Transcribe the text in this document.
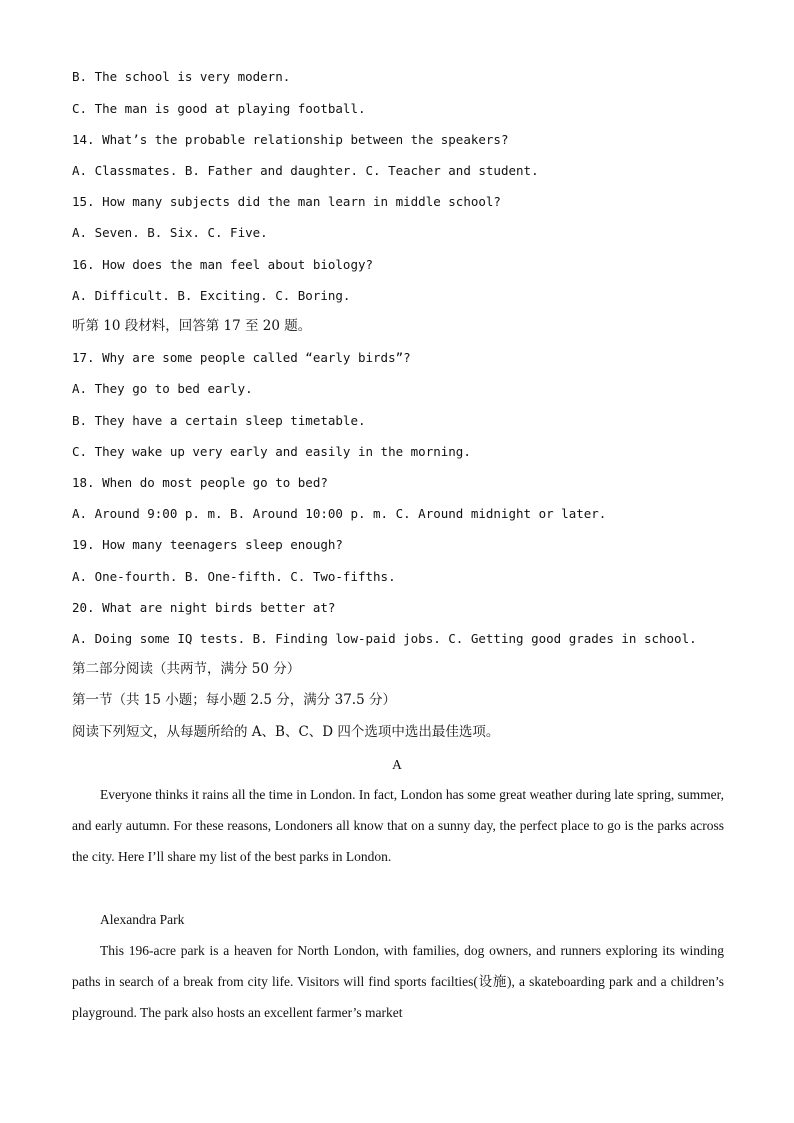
B. The school is very modern.
C. The man is good at playing football.
14. What’s the probable relationship between the speakers?
A. Classmates. B. Father and daughter. C. Teacher and student.
15. How many subjects did the man learn in middle school?
A. Seven. B. Six. C. Five.
16. How does the man feel about biology?
A. Difficult. B. Exciting. C. Boring.
听第 10 段材料，回答第 17 至 20 题。
17. Why are some people called “early birds”?
A. They go to bed early.
B. They have a certain sleep timetable.
C. They wake up very early and easily in the morning.
18. When do most people go to bed?
A. Around 9:00 p. m. B. Around 10:00 p. m. C. Around midnight or later.
19. How many teenagers sleep enough?
A. One-fourth. B. One-fifth. C. Two-fifths.
20. What are night birds better at?
A. Doing some IQ tests. B. Finding low-paid jobs. C. Getting good grades in school.
第二部分阅读（共两节，满分 50 分）
第一节（共 15 小题；每小题 2.5 分，满分 37.5 分）
阅读下列短文，从每题所给的 A、B、C、D 四个选项中选出最佳选项。
A
Everyone thinks it rains all the time in London. In fact, London has some great weather during late spring, summer, and early autumn. For these reasons, Londoners all know that on a sunny day, the perfect place to go is the parks across the city. Here I’ll share my list of the best parks in London.
Alexandra Park
This 196-acre park is a heaven for North London, with families, dog owners, and runners exploring its winding paths in search of a break from city life. Visitors will find sports facilties(设施), a skateboarding park and a children’s playground. The park also hosts an excellent farmer’s market
